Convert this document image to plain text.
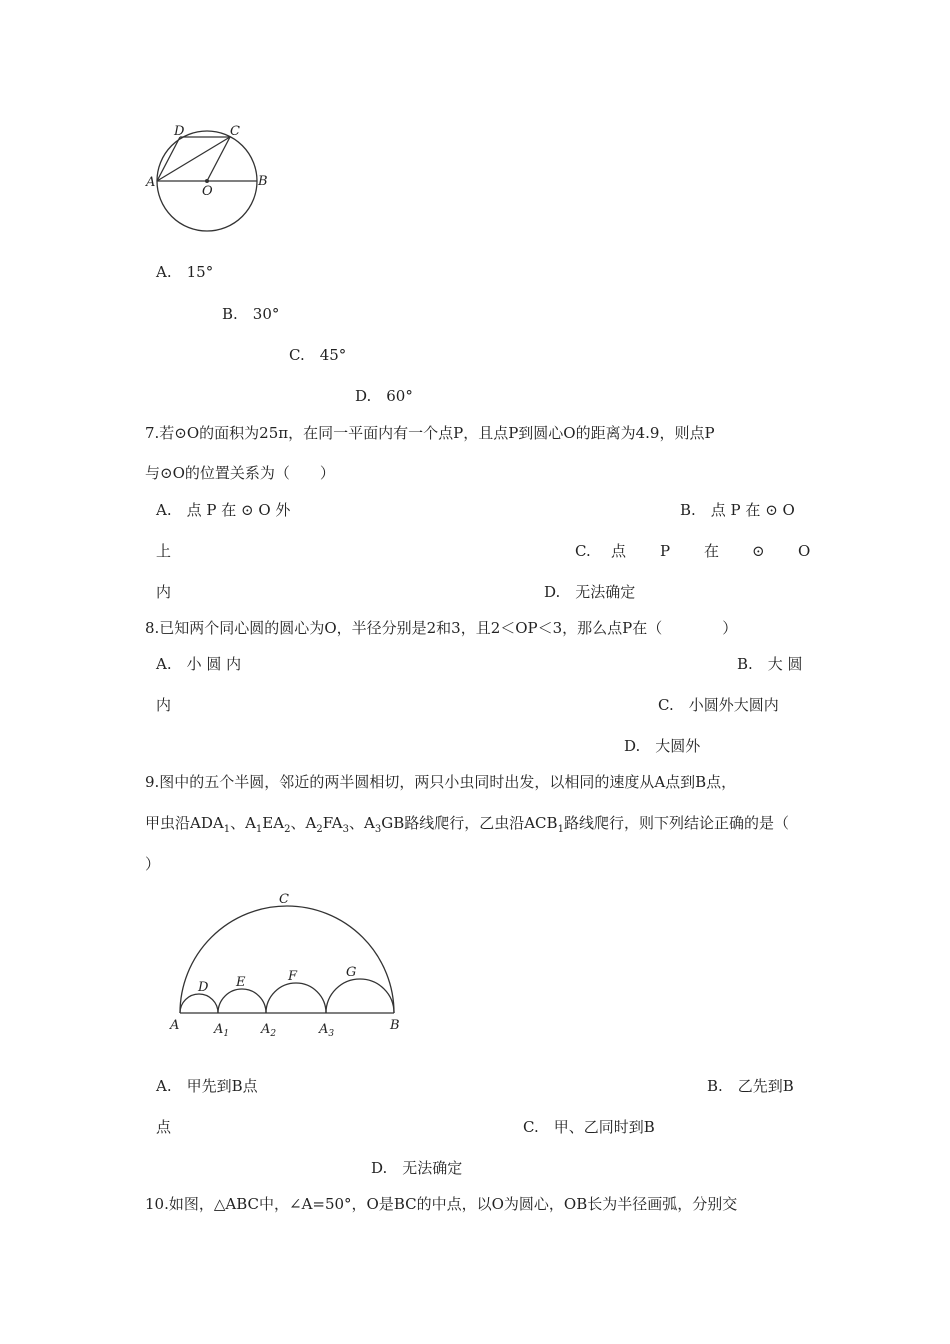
D	C
A
O
B
A.　15°
B.　30°
C.　45°
D.　60°
7.若⊙O的面积为25π，在同一平面内有一个点P，且点P到圆心O的距离为4.9，则点P
与⊙O的位置关系为（　　）
A.　点 P 在 ⊙ O 外	B.　点 P 在 ⊙ O
上	C. 点 P 在 ⊙ O
内	D.　无法确定
8.已知两个同心圆的圆心为O，半径分别是2和3，且2＜OP＜3，那么点P在（　　　　）
A.　小 圆 内	B.　大 圆
内	C.　小圆外大圆内
D.　大圆外
9.图中的五个半圆，邻近的两半圆相切，两只小虫同时出发，以相同的速度从A点到B点，
甲虫沿$ADA_1$、$A_1EA_2$、$A_2FA_3$、$A_3GB$路线爬行，乙虫沿$ACB_1$路线爬行，则下列结论正确的是（
）
C
D E	F	G
A	$A_1$ $A_2$	$A_3$
B
A.　甲先到B点	B.　乙先到B
点	C.　甲、乙同时到B
D.　无法确定
10.如图，△ABC中，∠A=50°，O是BC的中点，以O为圆心，OB长为半径画弧，分别交
